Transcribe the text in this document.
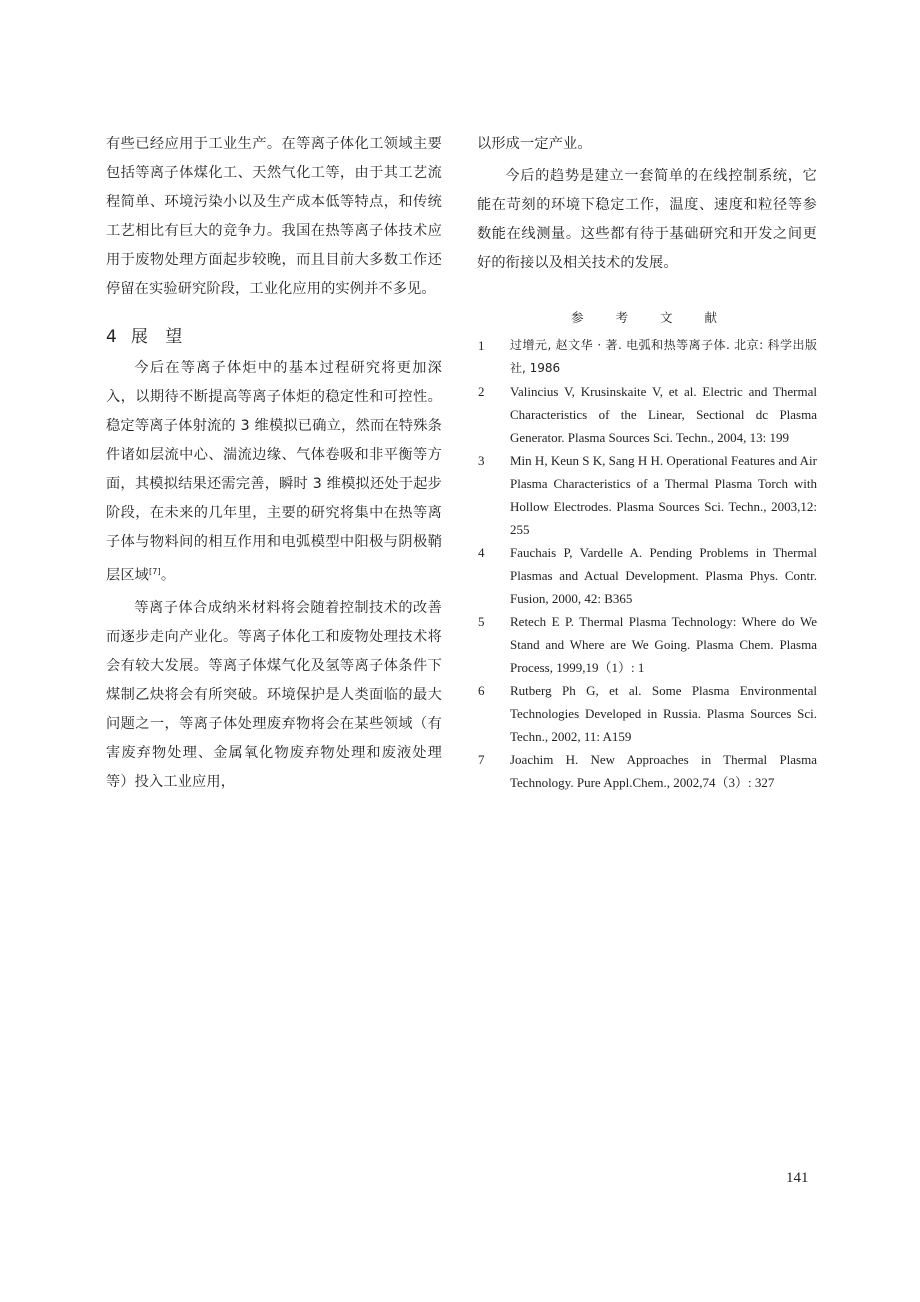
有些已经应用于工业生产。在等离子体化工领域主要包括等离子体煤化工、天然气化工等，由于其工艺流程简单、环境污染小以及生产成本低等特点，和传统工艺相比有巨大的竞争力。我国在热等离子体技术应用于废物处理方面起步较晚，而且目前大多数工作还停留在实验研究阶段，工业化应用的实例并不多见。

4 展 望

今后在等离子体炬中的基本过程研究将更加深入，以期待不断提高等离子体炬的稳定性和可控性。稳定等离子体射流的 3 维模拟已确立，然而在特殊条件诸如层流中心、湍流边缘、气体卷吸和非平衡等方面，其模拟结果还需完善，瞬时 3 维模拟还处于起步阶段，在未来的几年里，主要的研究将集中在热等离子体与物料间的相互作用和电弧模型中阳极与阴极鞘层区域[7]。

等离子体合成纳米材料将会随着控制技术的改善而逐步走向产业化。等离子体化工和废物处理技术将会有较大发展。等离子体煤气化及氢等离子体条件下煤制乙炔将会有所突破。环境保护是人类面临的最大问题之一，等离子体处理废弃物将会在某些领域（有害废弃物处理、金属氧化物废弃物处理和废液处理等）投入工业应用，

以形成一定产业。

今后的趋势是建立一套简单的在线控制系统，它能在苛刻的环境下稳定工作，温度、速度和粒径等参数能在线测量。这些都有待于基础研究和开发之间更好的衔接以及相关技术的发展。

参 考 文 献
1	过增元, 赵文华 · 著. 电弧和热等离子体. 北京: 科学出版社, 1986
2	Valincius V, Krusinskaite V, et al. Electric and Thermal Characteristics of the Linear, Sectional dc Plasma Generator. Plasma Sources Sci. Techn., 2004, 13: 199
3	Min H, Keun S K, Sang H H. Operational Features and Air Plasma Characteristics of a Thermal Plasma Torch with Hollow Electrodes. Plasma Sources Sci. Techn., 2003,12: 255
4	Fauchais P, Vardelle A. Pending Problems in Thermal Plasmas and Actual Development. Plasma Phys. Contr. Fusion, 2000, 42: B365
5	Retech E P. Thermal Plasma Technology: Where do We Stand and Where are We Going. Plasma Chem. Plasma Process, 1999,19（1）: 1
6	Rutberg Ph G, et al. Some Plasma Environmental Technologies Developed in Russia. Plasma Sources Sci. Techn., 2002, 11: A159
7	Joachim H. New Approaches in Thermal Plasma Technology. Pure Appl.Chem., 2002,74（3）: 327
141
